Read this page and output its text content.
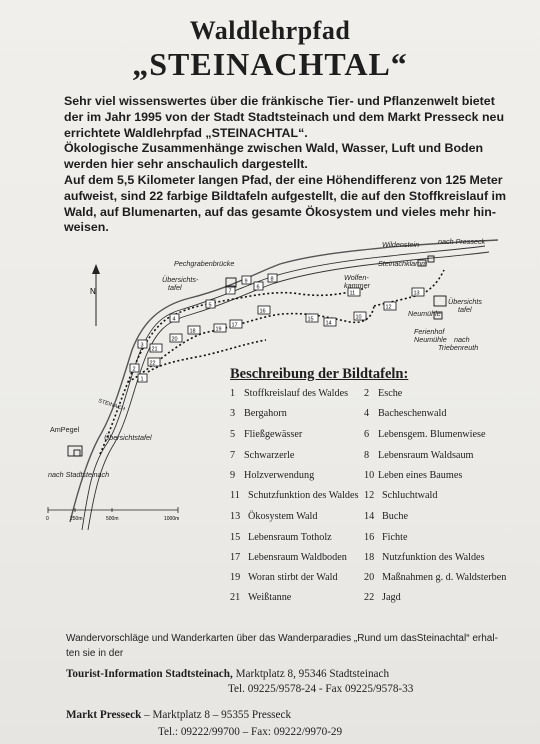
Waldlehrpfad
„STEINACHTAL“
Sehr viel wissenswertes über die fränkische Tier- und Pflanzenwelt bietet
der im Jahr 1995 von der Stadt Stadtsteinach und dem Markt Presseck neu
errichtete Waldlehrpfad „STEINACHTAL“.
Ökologische Zusammenhänge zwischen Wald, Wasser, Luft und Boden
werden hier sehr anschaulich dargestellt.
Auf dem 5,5 Kilometer langen Pfad, der eine Höhendifferenz von 125 Meter
aufweist, sind 22 farbige Bildtafeln aufgestellt, die auf den Stoffkreislauf im
Wald, auf Blumenarten, auf das gesamte Ökosystem und vieles mehr hin-
weisen.
N
1
2
3
4
5
6
7
8
9
10
11
12
13
14
15
16
17
18	19
20
21
22
Pechgrabenbrücke
Übersichts-
tafel
Wildenstein	nach Presseck
Wolfen-
kammer
Steinachklamm
Neumühle
Übersichts
tafel
Ferienhof
Neumühle nach
Triebenreuth
STEINACH
AmPegel
Übersichtstafel
nach Stadtsteinach
0	250m	500m	1000m
Beschreibung der Bildtafeln:
1 Stoffkreislauf des Waldes 2 Esche
3 Bergahorn	4 Bacheschenwald
5 Fließgewässer	6 Lebensgem. Blumenwiese
7 Schwarzerle	8 Lebensraum Waldsaum
9 Holzverwendung	10 Leben eines Baumes
11 Schutzfunktion des Waldes 12 Schluchtwald
13 Ökosystem Wald	14 Buche
15 Lebensraum Totholz	16 Fichte
17 Lebensraum Waldboden 18 Nutzfunktion des Waldes
19 Woran stirbt der Wald	20 Maßnahmen g. d. Waldsterben
21 Weißtanne	22 Jagd
Wandervorschläge und Wanderkarten über das Wanderparadies „Rund um dasSteinachtal“ erhal-
ten sie in der
Tourist-Information Stadtsteinach, Marktplatz 8, 95346 Stadtsteinach
Tel. 09225/9578-24 - Fax 09225/9578-33
Markt Presseck – Marktplatz 8 – 95355 Presseck
Tel.: 09222/99700 – Fax: 09222/9970-29
